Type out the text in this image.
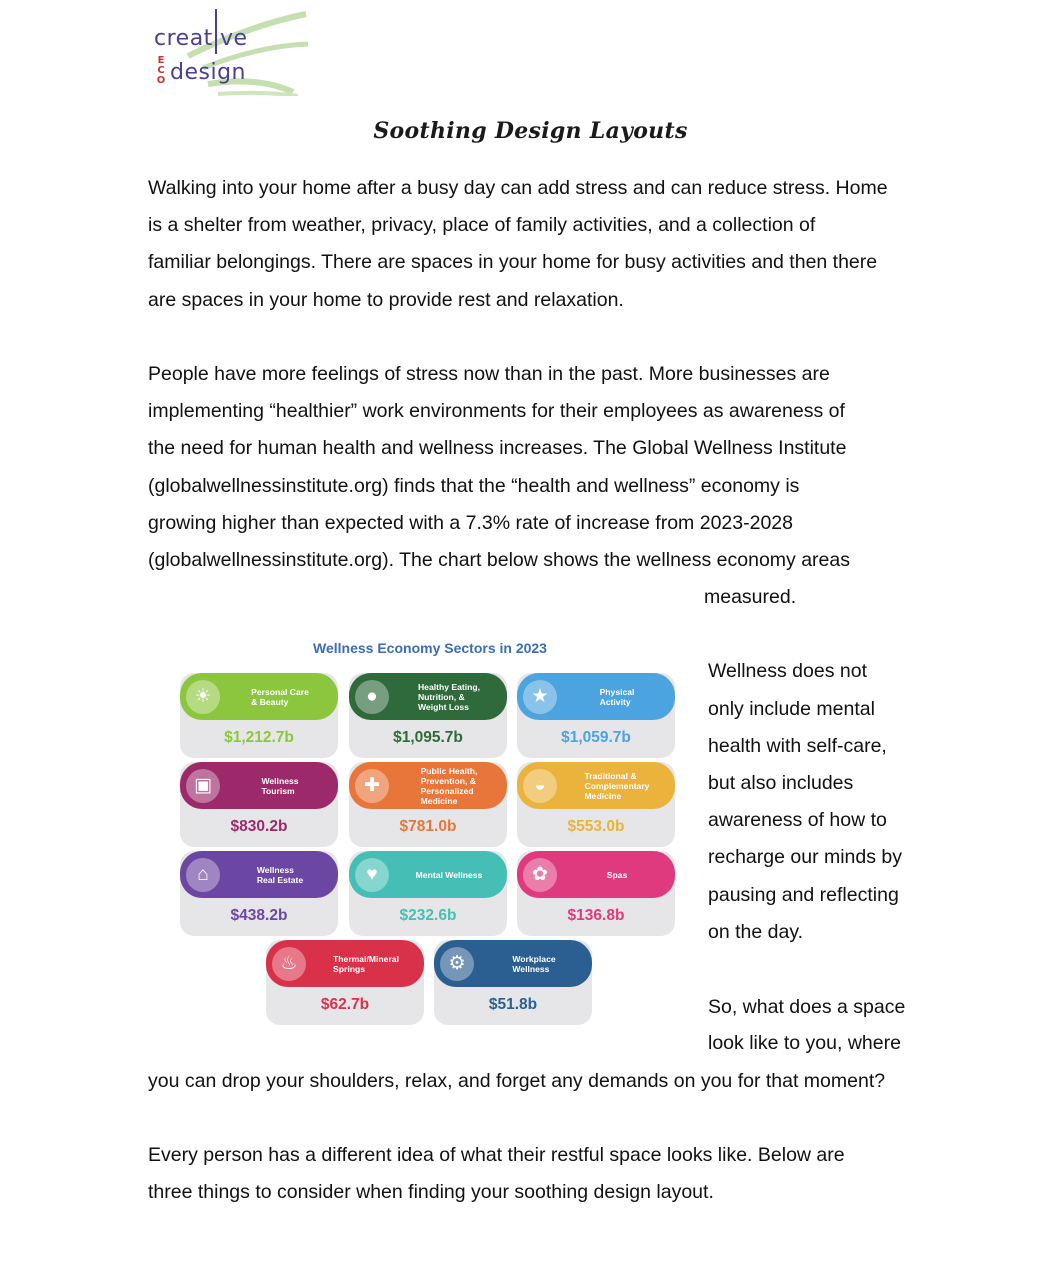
creat ve
design
E
C
O
Soothing Design Layouts
Walking into your home after a busy day can add stress and can reduce stress. Home
is a shelter from weather, privacy, place of family activities, and a collection of
familiar belongings. There are spaces in your home for busy activities and then there
are spaces in your home to provide rest and relaxation.
People have more feelings of stress now than in the past. More businesses are
implementing “healthier” work environments for their employees as awareness of
the need for human health and wellness increases. The Global Wellness Institute
(globalwellnessinstitute.org) finds that the “health and wellness” economy is
growing higher than expected with a 7.3% rate of increase from 2023-2028
(globalwellnessinstitute.org). The chart below shows the wellness economy areas
measured.
Wellness does not
only include mental
health with self-care,
but also includes
awareness of how to
recharge our minds by
pausing and reflecting
on the day.
So, what does a space
look like to you, where
you can drop your shoulders, relax, and forget any demands on you for that moment?
Every person has a different idea of what their restful space looks like. Below are
three things to consider when finding your soothing design layout.
Wellness Economy Sectors in 2023
☀	Personal Care
& Beauty
$1,212.7b
●	Healthy Eating,
Nutrition, &
Weight Loss
$1,095.7b
★	Physical
Activity
$1,059.7b
▣	Wellness
Tourism
$830.2b
✚
Public Health,
Prevention, &
Personalized
Medicine
$781.0b
◒	Traditional &
Complementary
Medicine
$553.0b
⌂	Wellness
Real Estate
$438.2b
♥	Mental Wellness
$232.6b
✿	Spas
$136.8b
♨	Thermal/Mineral
Springs
$62.7b
⚙	Workplace
Wellness
$51.8b
